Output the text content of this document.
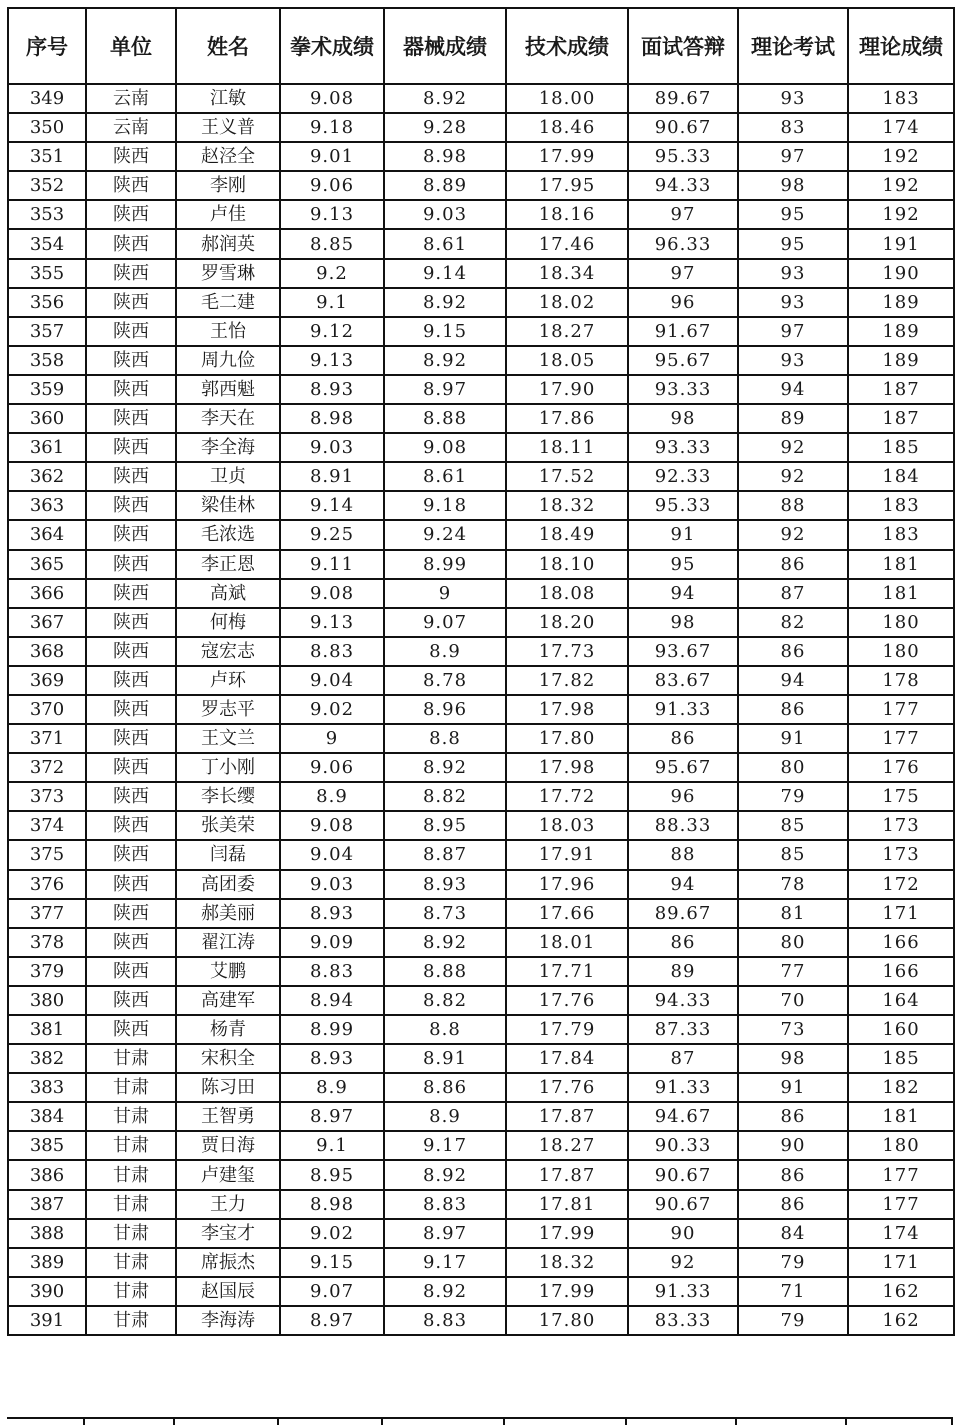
序号	单位	姓名	拳术成绩	器械成绩	技术成绩	面试答辩	理论考试	理论成绩
349	云南	江敏	9.08	8.92	18.00	89.67	93	183
350	云南	王义普	9.18	9.28	18.46	90.67	83	174
351	陕西	赵泾全	9.01	8.98	17.99	95.33	97	192
352	陕西	李刚	9.06	8.89	17.95	94.33	98	192
353	陕西	卢佳	9.13	9.03	18.16	97	95	192
354	陕西	郝润英	8.85	8.61	17.46	96.33	95	191
355	陕西	罗雪琳	9.2	9.14	18.34	97	93	190
356	陕西	毛二建	9.1	8.92	18.02	96	93	189
357	陕西	王怡	9.12	9.15	18.27	91.67	97	189
358	陕西	周九俭	9.13	8.92	18.05	95.67	93	189
359	陕西	郭西魁	8.93	8.97	17.90	93.33	94	187
360	陕西	李天在	8.98	8.88	17.86	98	89	187
361	陕西	李全海	9.03	9.08	18.11	93.33	92	185
362	陕西	卫贞	8.91	8.61	17.52	92.33	92	184
363	陕西	梁佳林	9.14	9.18	18.32	95.33	88	183
364	陕西	毛浓选	9.25	9.24	18.49	91	92	183
365	陕西	李正恩	9.11	8.99	18.10	95	86	181
366	陕西	高斌	9.08	9	18.08	94	87	181
367	陕西	何梅	9.13	9.07	18.20	98	82	180
368	陕西	寇宏志	8.83	8.9	17.73	93.67	86	180
369	陕西	卢环	9.04	8.78	17.82	83.67	94	178
370	陕西	罗志平	9.02	8.96	17.98	91.33	86	177
371	陕西	王文兰	9	8.8	17.80	86	91	177
372	陕西	丁小刚	9.06	8.92	17.98	95.67	80	176
373	陕西	李长缨	8.9	8.82	17.72	96	79	175
374	陕西	张美荣	9.08	8.95	18.03	88.33	85	173
375	陕西	闫磊	9.04	8.87	17.91	88	85	173
376	陕西	高团委	9.03	8.93	17.96	94	78	172
377	陕西	郝美丽	8.93	8.73	17.66	89.67	81	171
378	陕西	翟江涛	9.09	8.92	18.01	86	80	166
379	陕西	艾鹏	8.83	8.88	17.71	89	77	166
380	陕西	高建军	8.94	8.82	17.76	94.33	70	164
381	陕西	杨青	8.99	8.8	17.79	87.33	73	160
382	甘肃	宋积全	8.93	8.91	17.84	87	98	185
383	甘肃	陈习田	8.9	8.86	17.76	91.33	91	182
384	甘肃	王智勇	8.97	8.9	17.87	94.67	86	181
385	甘肃	贾日海	9.1	9.17	18.27	90.33	90	180
386	甘肃	卢建玺	8.95	8.92	17.87	90.67	86	177
387	甘肃	王力	8.98	8.83	17.81	90.67	86	177
388	甘肃	李宝才	9.02	8.97	17.99	90	84	174
389	甘肃	席振杰	9.15	9.17	18.32	92	79	171
390	甘肃	赵国辰	9.07	8.92	17.99	91.33	71	162
391	甘肃	李海涛	8.97	8.83	17.80	83.33	79	162
